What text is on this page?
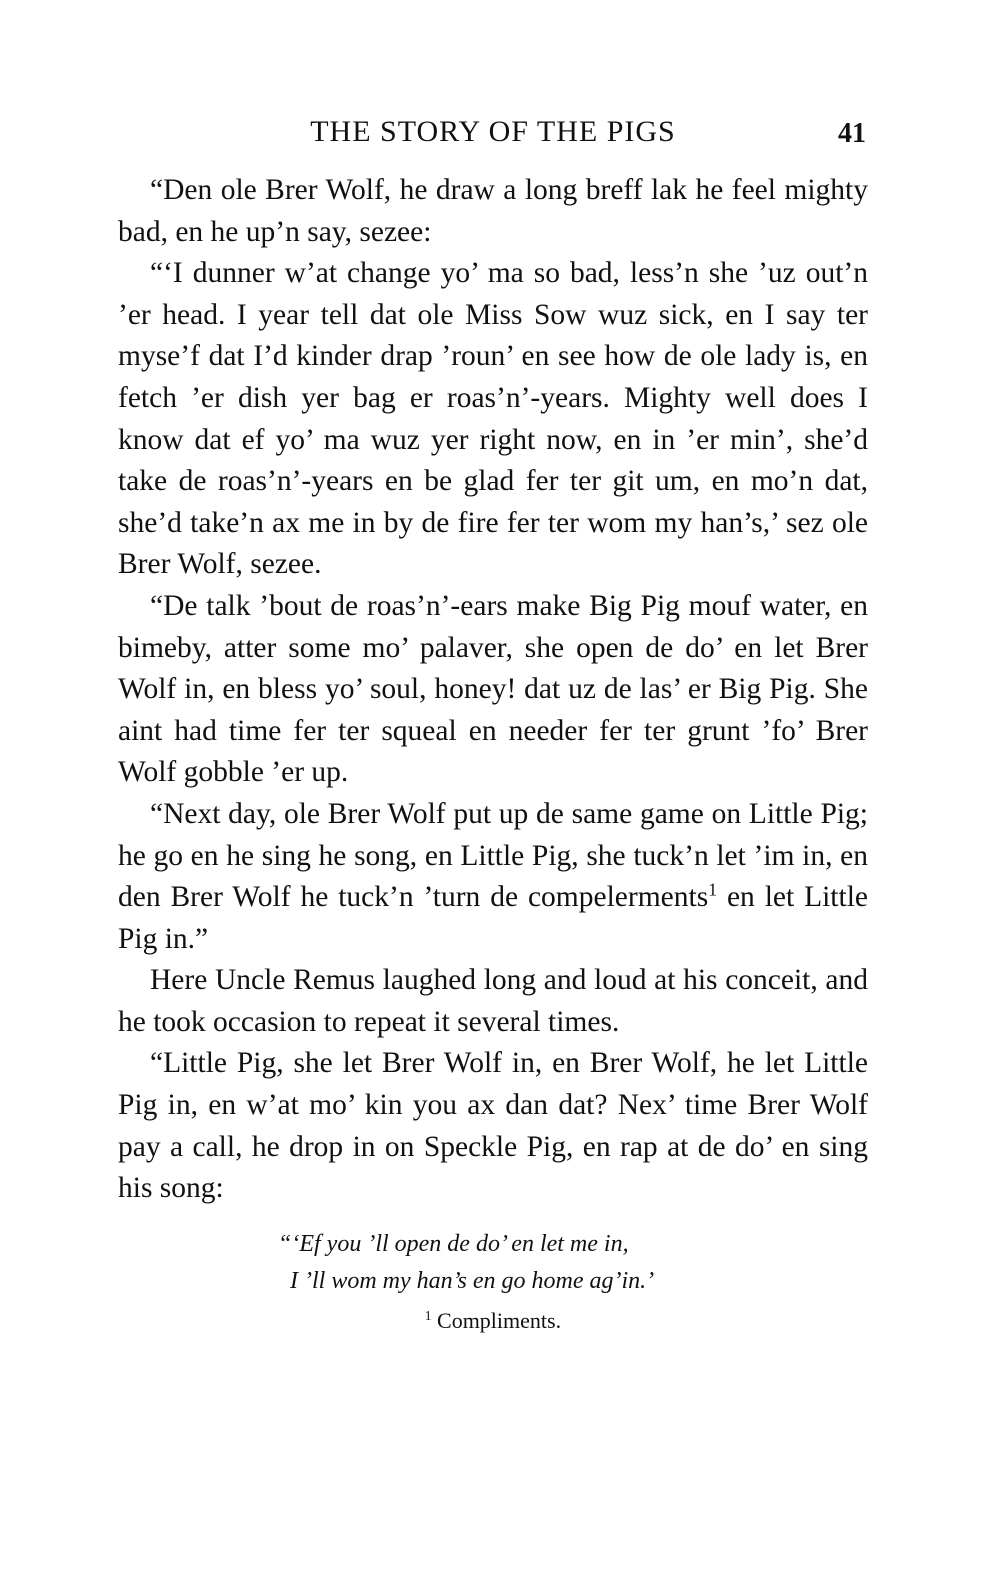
THE STORY OF THE PIGS	41

“Den ole Brer Wolf, he draw a long breff lak he feel mighty bad, en he up’n say, sezee:

“‘I dunner w’at change yo’ ma so bad, less’n she ’uz out’n ’er head. I year tell dat ole Miss Sow wuz sick, en I say ter myse’f dat I’d kinder drap ’roun’ en see how de ole lady is, en fetch ’er dish yer bag er roas’n’-years. Mighty well does I know dat ef yo’ ma wuz yer right now, en in ’er min’, she’d take de roas’n’-years en be glad fer ter git um, en mo’n dat, she’d take’n ax me in by de fire fer ter wom my han’s,’ sez ole Brer Wolf, sezee.

“De talk ’bout de roas’n’-ears make Big Pig mouf water, en bimeby, atter some mo’ palaver, she open de do’ en let Brer Wolf in, en bless yo’ soul, honey! dat uz de las’ er Big Pig. She aint had time fer ter squeal en needer fer ter grunt ’fo’ Brer Wolf gobble ’er up.

“Next day, ole Brer Wolf put up de same game on Little Pig; he go en he sing he song, en Little Pig, she tuck’n let ’im in, en den Brer Wolf he tuck’n ’turn de compelerments$^1$ en let Little Pig in.”

Here Uncle Remus laughed long and loud at his conceit, and he took occasion to repeat it several times.

“Little Pig, she let Brer Wolf in, en Brer Wolf, he let Little Pig in, en w’at mo’ kin you ax dan dat? Nex’ time Brer Wolf pay a call, he drop in on Speckle Pig, en rap at de do’ en sing his song:

“‘Ef you ’ll open de do’ en let me in,
I ’ll wom my han’s en go home ag’in.’
$^1$ Compliments.
